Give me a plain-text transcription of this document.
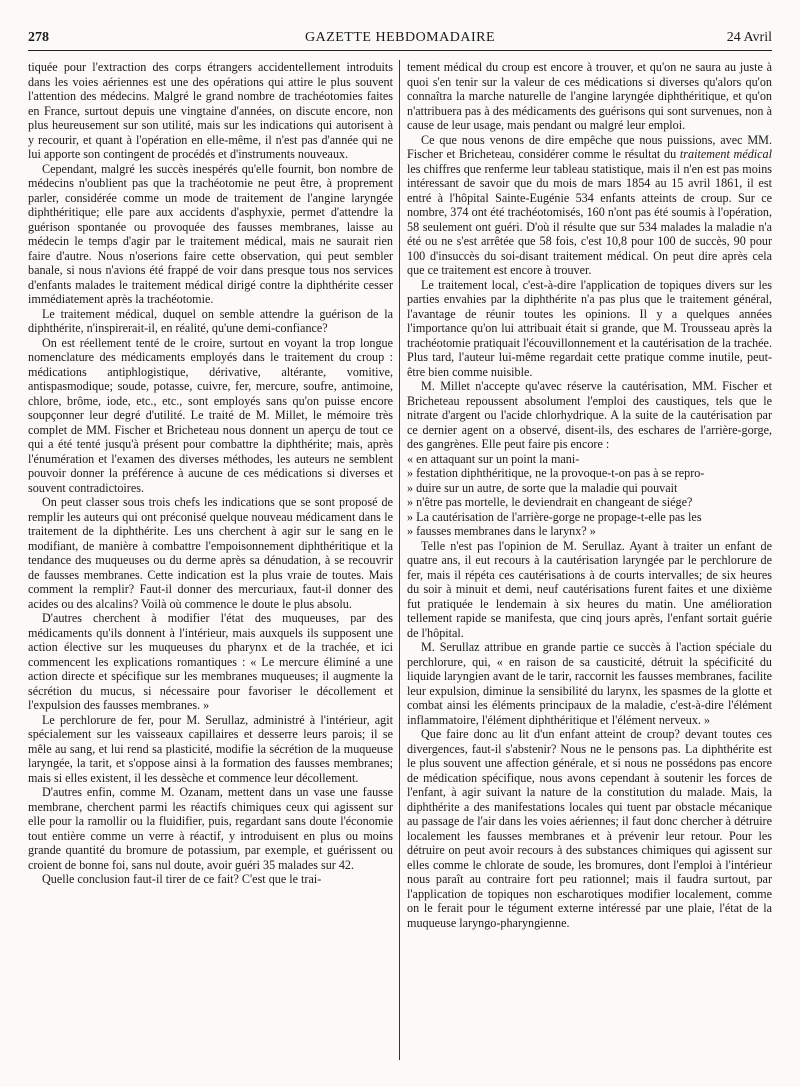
278	GAZETTE HEBDOMADAIRE	24 Avril

tiquée pour l'extraction des corps étrangers accidentellement introduits dans les voies aériennes est une des opérations qui attire le plus souvent l'attention des médecins. Malgré le grand nombre de trachéotomies faites en France, surtout depuis une vingtaine d'années, on discute encore, non plus heureusement sur son utilité, mais sur les indications qui autorisent à y recourir, et quant à l'opération en elle-même, il n'est pas d'année qui ne lui apporte son contingent de procédés et d'instruments nouveaux.

Cependant, malgré les succès inespérés qu'elle fournit, bon nombre de médecins n'oublient pas que la trachéotomie ne peut être, à proprement parler, considérée comme un mode de traitement de l'angine laryngée diphthéritique; elle pare aux accidents d'asphyxie, permet d'attendre la guérison spontanée ou provoquée des fausses membranes, laisse au médecin le temps d'agir par le traitement médical, mais ne saurait rien faire d'autre. Nous n'oserions faire cette observation, qui peut sembler banale, si nous n'avions été frappé de voir dans presque tous nos services d'enfants malades le traitement médical dirigé contre la diphthérite cesser immédiatement après la trachéotomie.

Le traitement médical, duquel on semble attendre la guérison de la diphthérite, n'inspirerait-il, en réalité, qu'une demi-confiance?

On est réellement tenté de le croire, surtout en voyant la trop longue nomenclature des médicaments employés dans le traitement du croup : médications antiphlogistique, dérivative, altérante, vomitive, antispasmodique; soude, potasse, cuivre, fer, mercure, soufre, antimoine, chlore, brôme, iode, etc., etc., sont employés sans qu'on puisse encore soupçonner leur degré d'utilité. Le traité de M. Millet, le mémoire très complet de MM. Fischer et Bricheteau nous donnent un aperçu de tout ce qui a été tenté jusqu'à présent pour combattre la diphthérite; mais, après l'énumération et l'examen des diverses méthodes, les auteurs ne semblent pouvoir donner la préférence à aucune de ces médications si diverses et souvent contradictoires.

On peut classer sous trois chefs les indications que se sont proposé de remplir les auteurs qui ont préconisé quelque nouveau médicament dans le traitement de la diphthérite. Les uns cherchent à agir sur le sang en le modifiant, de manière à combattre l'empoisonnement diphthéritique et la tendance des muqueuses ou du derme après sa dénudation, à se recouvrir de fausses membranes. Cette indication est la plus vraie de toutes. Mais comment la remplir? Faut-il donner des mercuriaux, faut-il donner des acides ou des alcalins? Voilà où commence le doute le plus absolu.

D'autres cherchent à modifier l'état des muqueuses, par des médicaments qu'ils donnent à l'intérieur, mais auxquels ils supposent une action élective sur les muqueuses du pharynx et de la trachée, et ici commencent les explications romantiques : « Le mercure éliminé a une action directe et spécifique sur les membranes muqueuses; il augmente la sécrétion du mucus, si nécessaire pour favoriser le décollement et l'expulsion des fausses membranes. »

Le perchlorure de fer, pour M. Serullaz, administré à l'intérieur, agit spécialement sur les vaisseaux capillaires et desserre leurs parois; il se mêle au sang, et lui rend sa plasticité, modifie la sécrétion de la muqueuse laryngée, la tarit, et s'oppose ainsi à la formation des fausses membranes; mais si elles existent, il les dessèche et commence leur décollement.

D'autres enfin, comme M. Ozanam, mettent dans un vase une fausse membrane, cherchent parmi les réactifs chimiques ceux qui agissent sur elle pour la ramollir ou la fluidifier, puis, regardant sans doute l'économie tout entière comme un verre à réactif, y introduisent en plus ou moins grande quantité du bromure de potassium, par exemple, et guérissent ou croient de bonne foi, sans nul doute, avoir guéri 35 malades sur 42.

Quelle conclusion faut-il tirer de ce fait? C'est que le trai-

tement médical du croup est encore à trouver, et qu'on ne saura au juste à quoi s'en tenir sur la valeur de ces médications si diverses qu'alors qu'on connaîtra la marche naturelle de l'angine laryngée diphthéritique, et qu'on n'attribuera pas à des médicaments des guérisons qui sont survenues, non à cause de leur usage, mais pendant ou malgré leur emploi.

Ce que nous venons de dire empêche que nous puissions, avec MM. Fischer et Bricheteau, considérer comme le résultat du traitement médical les chiffres que renferme leur tableau statistique, mais il n'en est pas moins intéressant de savoir que du mois de mars 1854 au 15 avril 1861, il est entré à l'hôpital Sainte-Eugénie 534 enfants atteints de croup. Sur ce nombre, 374 ont été trachéotomisés, 160 n'ont pas été soumis à l'opération, 58 seulement ont guéri. D'où il résulte que sur 534 malades la maladie n'a été ou ne s'est arrêtée que 58 fois, c'est 10,8 pour 100 de succès, 90 pour 100 d'insuccès du soi-disant traitement médical. On peut dire après cela que ce traitement est encore à trouver.

Le traitement local, c'est-à-dire l'application de topiques divers sur les parties envahies par la diphthérite n'a pas plus que le traitement général, l'avantage de réunir toutes les opinions. Il y a quelques années l'importance qu'on lui attribuait était si grande, que M. Trousseau après la trachéotomie pratiquait l'écouvillonnement et la cautérisation de la trachée. Plus tard, l'auteur lui-même regardait cette pratique comme inutile, peut-être bien comme nuisible.

M. Millet n'accepte qu'avec réserve la cautérisation, MM. Fischer et Bricheteau repoussent absolument l'emploi des caustiques, tels que le nitrate d'argent ou l'acide chlorhydrique. A la suite de la cautérisation par ce dernier agent on a observé, disent-ils, des eschares de l'arrière-gorge, des gangrènes. Elle peut faire pis encore :

« en attaquant sur un point la mani-

» festation diphthéritique, ne la provoque-t-on pas à se repro-

» duire sur un autre, de sorte que la maladie qui pouvait

» n'être pas mortelle, le deviendrait en changeant de siége?

» La cautérisation de l'arrière-gorge ne propage-t-elle pas les

» fausses membranes dans le larynx? »

Telle n'est pas l'opinion de M. Serullaz. Ayant à traiter un enfant de quatre ans, il eut recours à la cautérisation laryngée par le perchlorure de fer, mais il répéta ces cautérisations à de courts intervalles; de six heures du soir à minuit et demi, neuf cautérisations furent faites et une dixième fut pratiquée le lendemain à six heures du matin. Une amélioration tellement rapide se manifesta, que cinq jours après, l'enfant sortait guérie de l'hôpital.

M. Serullaz attribue en grande partie ce succès à l'action spéciale du perchlorure, qui, « en raison de sa causticité, détruit la spécificité du liquide laryngien avant de le tarir, raccornit les fausses membranes, facilite leur expulsion, diminue la sensibilité du larynx, les spasmes de la glotte et combat ainsi les éléments principaux de la maladie, c'est-à-dire l'élément inflammatoire, l'élément diphthéritique et l'élément nerveux. »

Que faire donc au lit d'un enfant atteint de croup? devant toutes ces divergences, faut-il s'abstenir? Nous ne le pensons pas. La diphthérite est le plus souvent une affection générale, et si nous ne possédons pas encore de médication spécifique, nous avons cependant à soutenir les forces de l'enfant, à agir suivant la nature de la constitution du malade. Mais, la diphthérite a des manifestations locales qui tuent par obstacle mécanique au passage de l'air dans les voies aériennes; il faut donc chercher à détruire localement les fausses membranes et à prévenir leur retour. Pour les détruire on peut avoir recours à des substances chimiques qui agissent sur elles comme le chlorate de soude, les bromures, dont l'emploi à l'intérieur nous paraît au contraire fort peu rationnel; mais il faudra surtout, par l'application de topiques non escharotiques modifier localement, comme on le ferait pour le tégument externe intéressé par une plaie, l'état de la muqueuse laryngo-pharyngienne.
